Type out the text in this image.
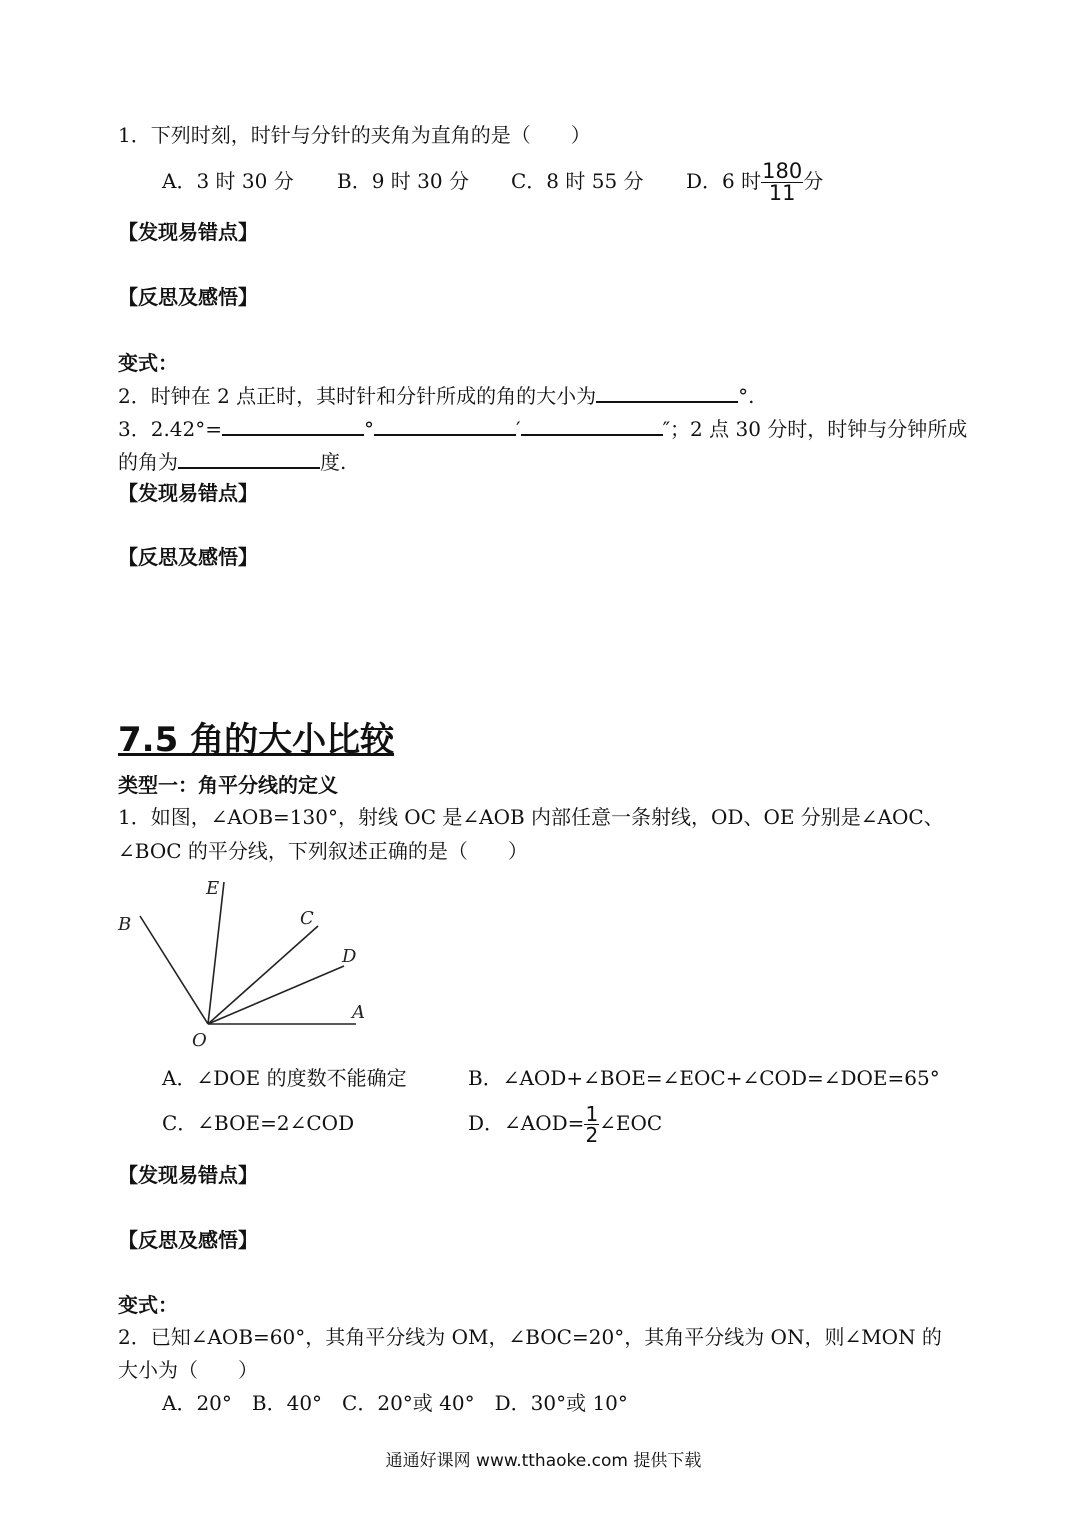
1．下列时刻，时针与分针的夹角为直角的是（　　）
A．3 时 30 分 B．9 时 30 分 C．8 时 55 分 D．6 时 $\frac{180}{11}$ 分
【发现易错点】
【反思及感悟】
变式：
2．时钟在 2 点正时，其时针和分针所成的角的大小为	°.
3．2.42°=	°	′	″；2 点 30 分时，时钟与分钟所成
的角为	度.
【发现易错点】
【反思及感悟】
7.5 角的大小比较
类型一：角平分线的定义
1．如图，∠AOB=130°，射线 OC 是∠AOB 内部任意一条射线，OD、OE 分别是∠AOC、
∠BOC 的平分线，下列叙述正确的是（　　）
A
B	C
D
E
O
A．∠DOE 的度数不能确定	B．∠AOD+∠BOE=∠EOC+∠COD=∠DOE=65°
C．∠BOE=2∠COD	D．∠AOD= $\frac{1}{2}$ ∠EOC
【发现易错点】
【反思及感悟】
变式：
2．已知∠AOB=60°，其角平分线为 OM，∠BOC=20°，其角平分线为 ON，则∠MON 的
大小为（　　）
A．20°　B．40°　C．20°或 40°　D．30°或 10°
通通好课网 www.tthaoke.com 提供下载
